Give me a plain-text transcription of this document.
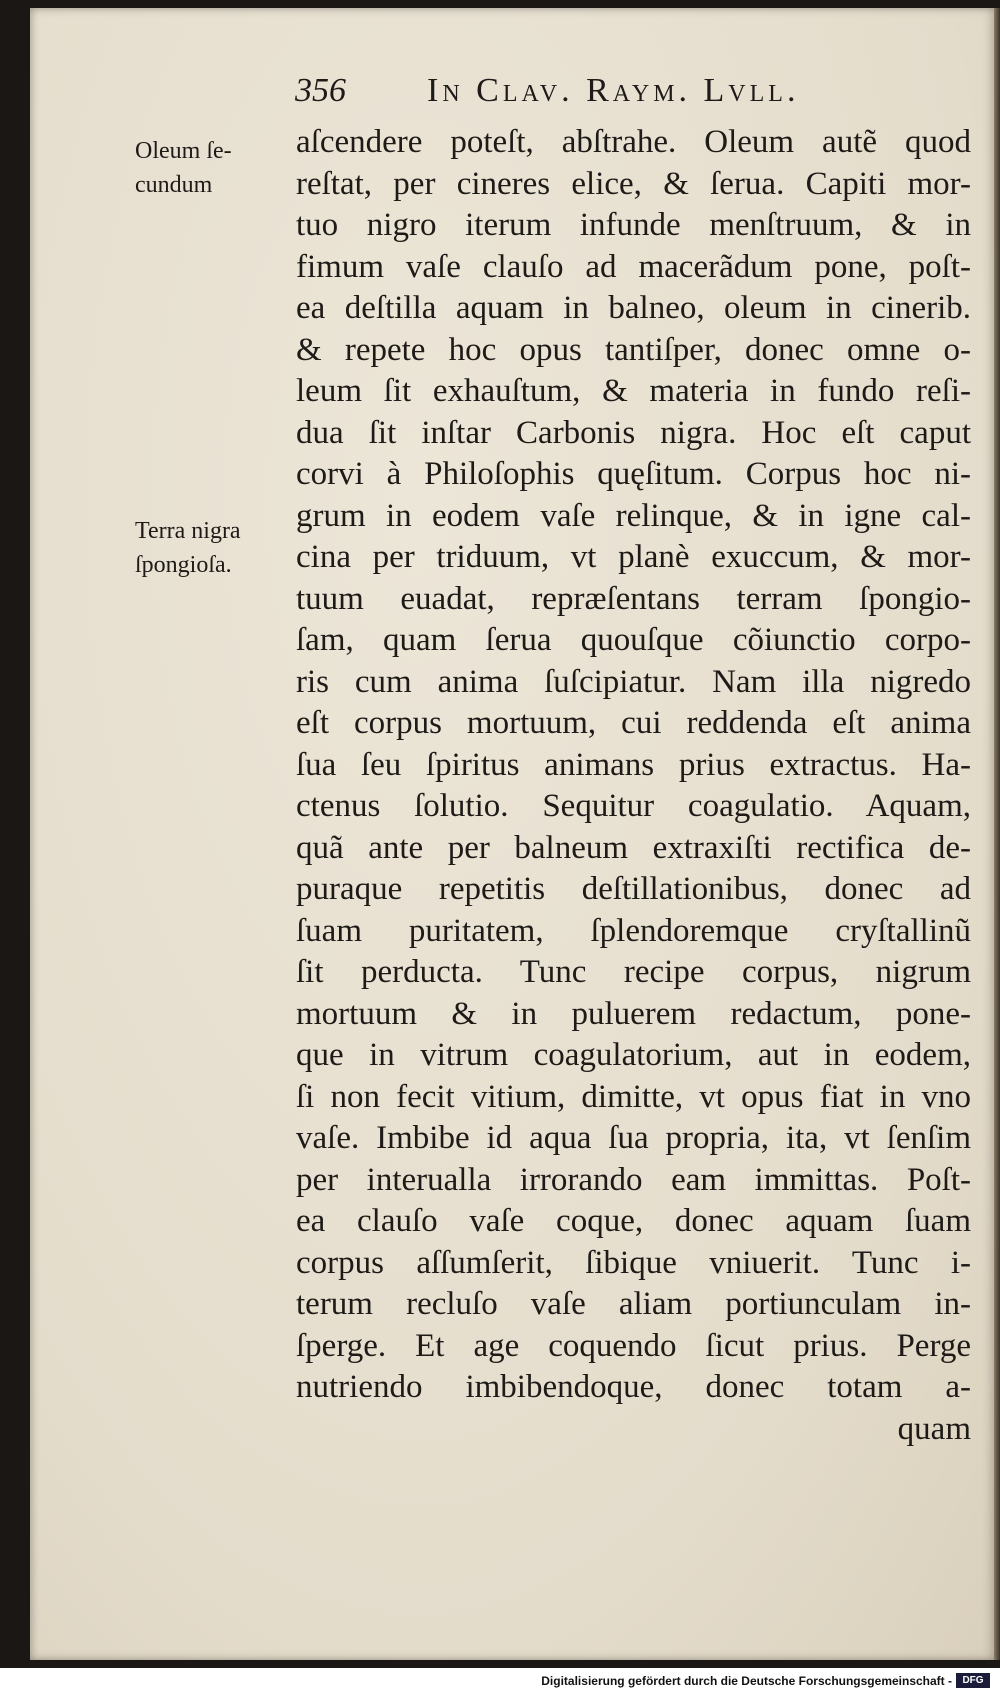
356 In Clav. Raym. Lvll.
Oleum ſe-
cundum
Terra nigra
ſpongioſa.
aſcendere poteſt, abſtrahe. Oleum autẽ quod
reſtat, per cineres elice, & ſerua. Capiti mor-
tuo nigro iterum infunde menſtruum, & in
fimum vaſe clauſo ad macerãdum pone, poſt-
ea deſtilla aquam in balneo, oleum in cinerib.
& repete hoc opus tantiſper, donec omne o-
leum ſit exhauſtum, & materia in fundo reſi-
dua ſit inſtar Carbonis nigra. Hoc eſt caput
corvi à Philoſophis quęſitum. Corpus hoc ni-
grum in eodem vaſe relinque, & in igne cal-
cina per triduum, vt planè exuccum, & mor-
tuum euadat, repræſentans terram ſpongio-
ſam, quam ſerua quouſque cõiunctio corpo-
ris cum anima ſuſcipiatur. Nam illa nigredo
eſt corpus mortuum, cui reddenda eſt anima
ſua ſeu ſpiritus animans prius extractus. Ha-
ctenus ſolutio. Sequitur coagulatio. Aquam,
quã ante per balneum extraxiſti rectifica de-
puraque repetitis deſtillationibus, donec ad
ſuam puritatem, ſplendoremque cryſtallinũ
ſit perducta. Tunc recipe corpus, nigrum
mortuum & in puluerem redactum, pone-
que in vitrum coagulatorium, aut in eodem,
ſi non fecit vitium, dimitte, vt opus fiat in vno
vaſe. Imbibe id aqua ſua propria, ita, vt ſenſim
per interualla irrorando eam immittas. Poſt-
ea clauſo vaſe coque, donec aquam ſuam
corpus aſſumſerit, ſibique vniuerit. Tunc i-
terum recluſo vaſe aliam portiunculam in-
ſperge. Et age coquendo ſicut prius. Perge
nutriendo imbibendoque, donec totam a-
quam
Digitalisierung gefördert durch die Deutsche Forschungsgemeinschaft -	DFG
